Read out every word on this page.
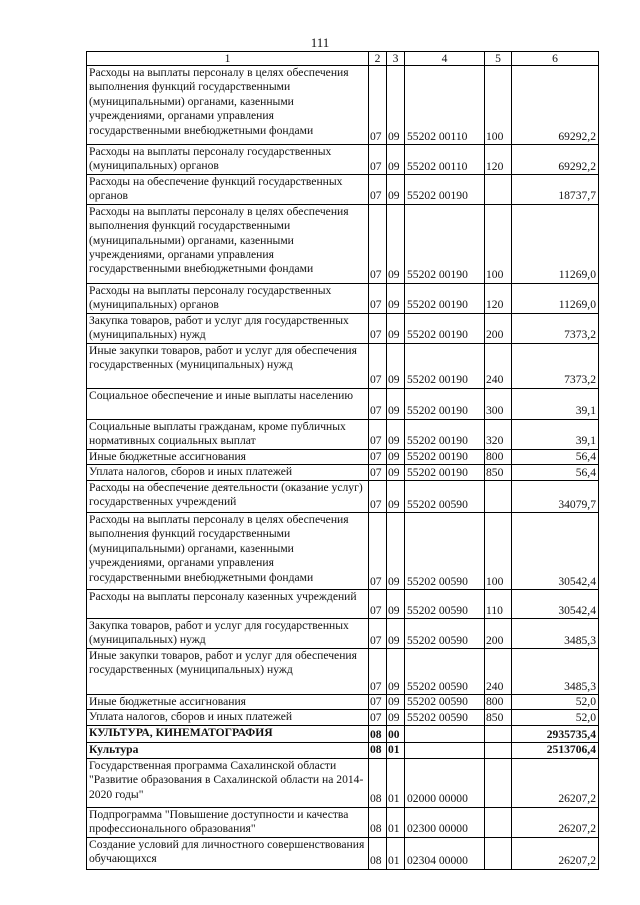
111
1	2	3	4	5	6
Расходы на выплаты персоналу в целях обеспечения выполнения функций государственными (муниципальными) органами, казенными учреждениями, органами управления государственными внебюджетными фондами	07	09	55202 00110	100	69292,2
Расходы на выплаты персоналу государственных (муниципальных) органов	07	09	55202 00110	120	69292,2
Расходы на обеспечение функций государственных органов	07	09	55202 00190		18737,7
Расходы на выплаты персоналу в целях обеспечения выполнения функций государственными (муниципальными) органами, казенными учреждениями, органами управления государственными внебюджетными фондами	07	09	55202 00190	100	11269,0
Расходы на выплаты персоналу государственных (муниципальных) органов	07	09	55202 00190	120	11269,0
Закупка товаров, работ и услуг для государственных (муниципальных) нужд	07	09	55202 00190	200	7373,2
Иные закупки товаров, работ и услуг для обеспечения государственных (муниципальных) нужд	07	09	55202 00190	240	7373,2
Социальное обеспечение и иные выплаты населению	07	09	55202 00190	300	39,1
Социальные выплаты гражданам, кроме публичных нормативных социальных выплат	07	09	55202 00190	320	39,1
Иные бюджетные ассигнования	07	09	55202 00190	800	56,4
Уплата налогов, сборов и иных платежей	07	09	55202 00190	850	56,4
Расходы на обеспечение деятельности (оказание услуг) государственных учреждений	07	09	55202 00590		34079,7
Расходы на выплаты персоналу в целях обеспечения выполнения функций государственными (муниципальными) органами, казенными учреждениями, органами управления государственными внебюджетными фондами	07	09	55202 00590	100	30542,4
Расходы на выплаты персоналу казенных учреждений	07	09	55202 00590	110	30542,4
Закупка товаров, работ и услуг для государственных (муниципальных) нужд	07	09	55202 00590	200	3485,3
Иные закупки товаров, работ и услуг для обеспечения государственных (муниципальных) нужд	07	09	55202 00590	240	3485,3
Иные бюджетные ассигнования	07	09	55202 00590	800	52,0
Уплата налогов, сборов и иных платежей	07	09	55202 00590	850	52,0
КУЛЬТУРА, КИНЕМАТОГРАФИЯ	08	00			2935735,4
Культура	08	01			2513706,4
Государственная программа Сахалинской области "Развитие образования в Сахалинской области на 2014-2020 годы"	08	01	02000 00000		26207,2
Подпрограмма "Повышение доступности и качества профессионального образования"	08	01	02300 00000		26207,2
Создание условий для личностного совершенствования обучающихся	08	01	02304 00000		26207,2
